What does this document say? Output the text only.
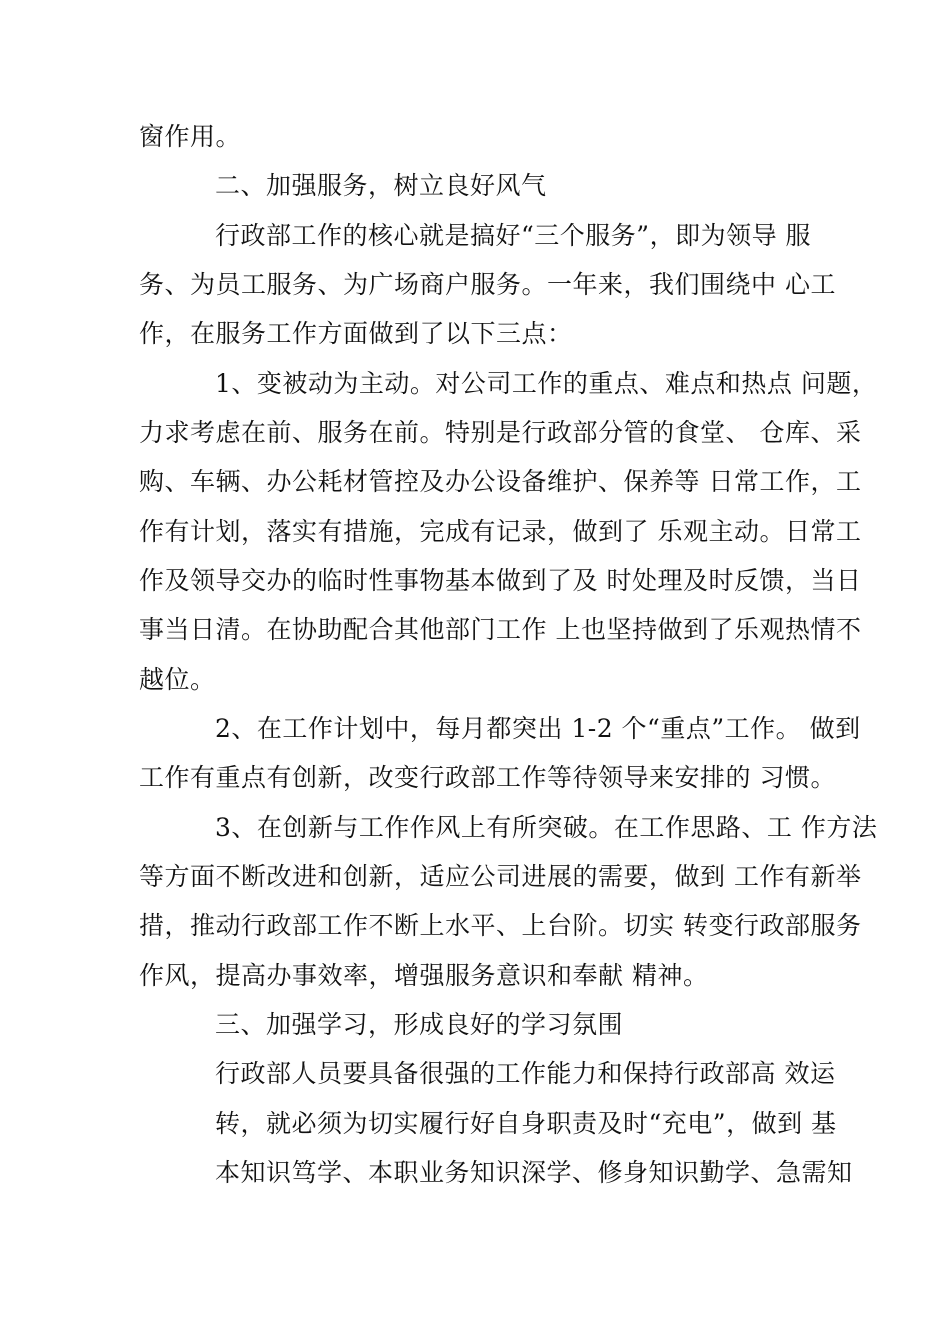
窗作用。
二、加强服务，树立良好风气
行政部工作的核心就是搞好“三个服务”，即为领导 服
务、为员工服务、为广场商户服务。一年来，我们围绕中 心工
作，在服务工作方面做到了以下三点：
1、变被动为主动。对公司工作的重点、难点和热点 问题，
力求考虑在前、服务在前。特别是行政部分管的食堂、 仓库、采
购、车辆、办公耗材管控及办公设备维护、保养等 日常工作，工
作有计划，落实有措施，完成有记录，做到了 乐观主动。日常工
作及领导交办的临时性事物基本做到了及 时处理及时反馈，当日
事当日清。在协助配合其他部门工作 上也坚持做到了乐观热情不
越位。
2、在工作计划中，每月都突出 1-2 个“重点”工作。 做到
工作有重点有创新，改变行政部工作等待领导来安排的 习惯。
3、在创新与工作作风上有所突破。在工作思路、工 作方法
等方面不断改进和创新，适应公司进展的需要，做到 工作有新举
措，推动行政部工作不断上水平、上台阶。切实 转变行政部服务
作风，提高办事效率，增强服务意识和奉献 精神。
三、加强学习，形成良好的学习氛围
行政部人员要具备很强的工作能力和保持行政部高 效运
转，就必须为切实履行好自身职责及时“充电”，做到 基
本知识笃学、本职业务知识深学、修身知识勤学、急需知
